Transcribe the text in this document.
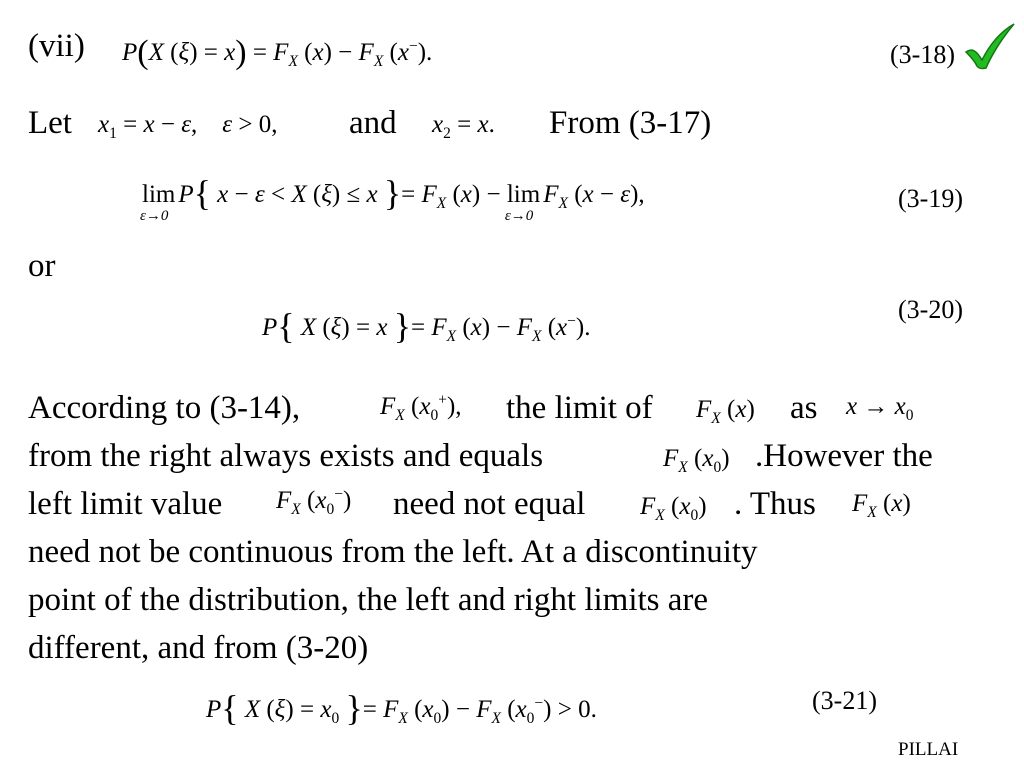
(vii) P(X $(\xi) = x) = F_X$ $(x) - F_X$ (x−).	(3-18)
Let $x_1 = x - \varepsilon$,    ε > 0, and $x_2 = x$. From (3-17)
lim
ε→0
P{ x − ε < X (ξ) ≤ x }= $F_X$ (x) − lim
ε→0
$F_X$ (x − ε),	(3-19)
or
P{ X (ξ) = x }= $F_X$ $(x) - F_X$ (x−).
(3-20)
According to (3-14),	$F_X$ $(x_0^+)$, the limit of $F_X$ (x) as $x \to x_0$
from the right always exists and equals	$F_X$ $(x_0)$ .However the
left limit value $F_X$ $(x_0^-)$ need not equal $F_X$ $(x_0)$ . Thus $F_X$ (x)
need not be continuous from the left. At a discontinuity
point of the distribution, the left and right limits are
different, and from (3-20)
P{ X $(\xi) = x_0$ }= $F_X$ $(x_0) - F_X$ $(x_0^-) > 0$.	(3-21)
PILLAI
